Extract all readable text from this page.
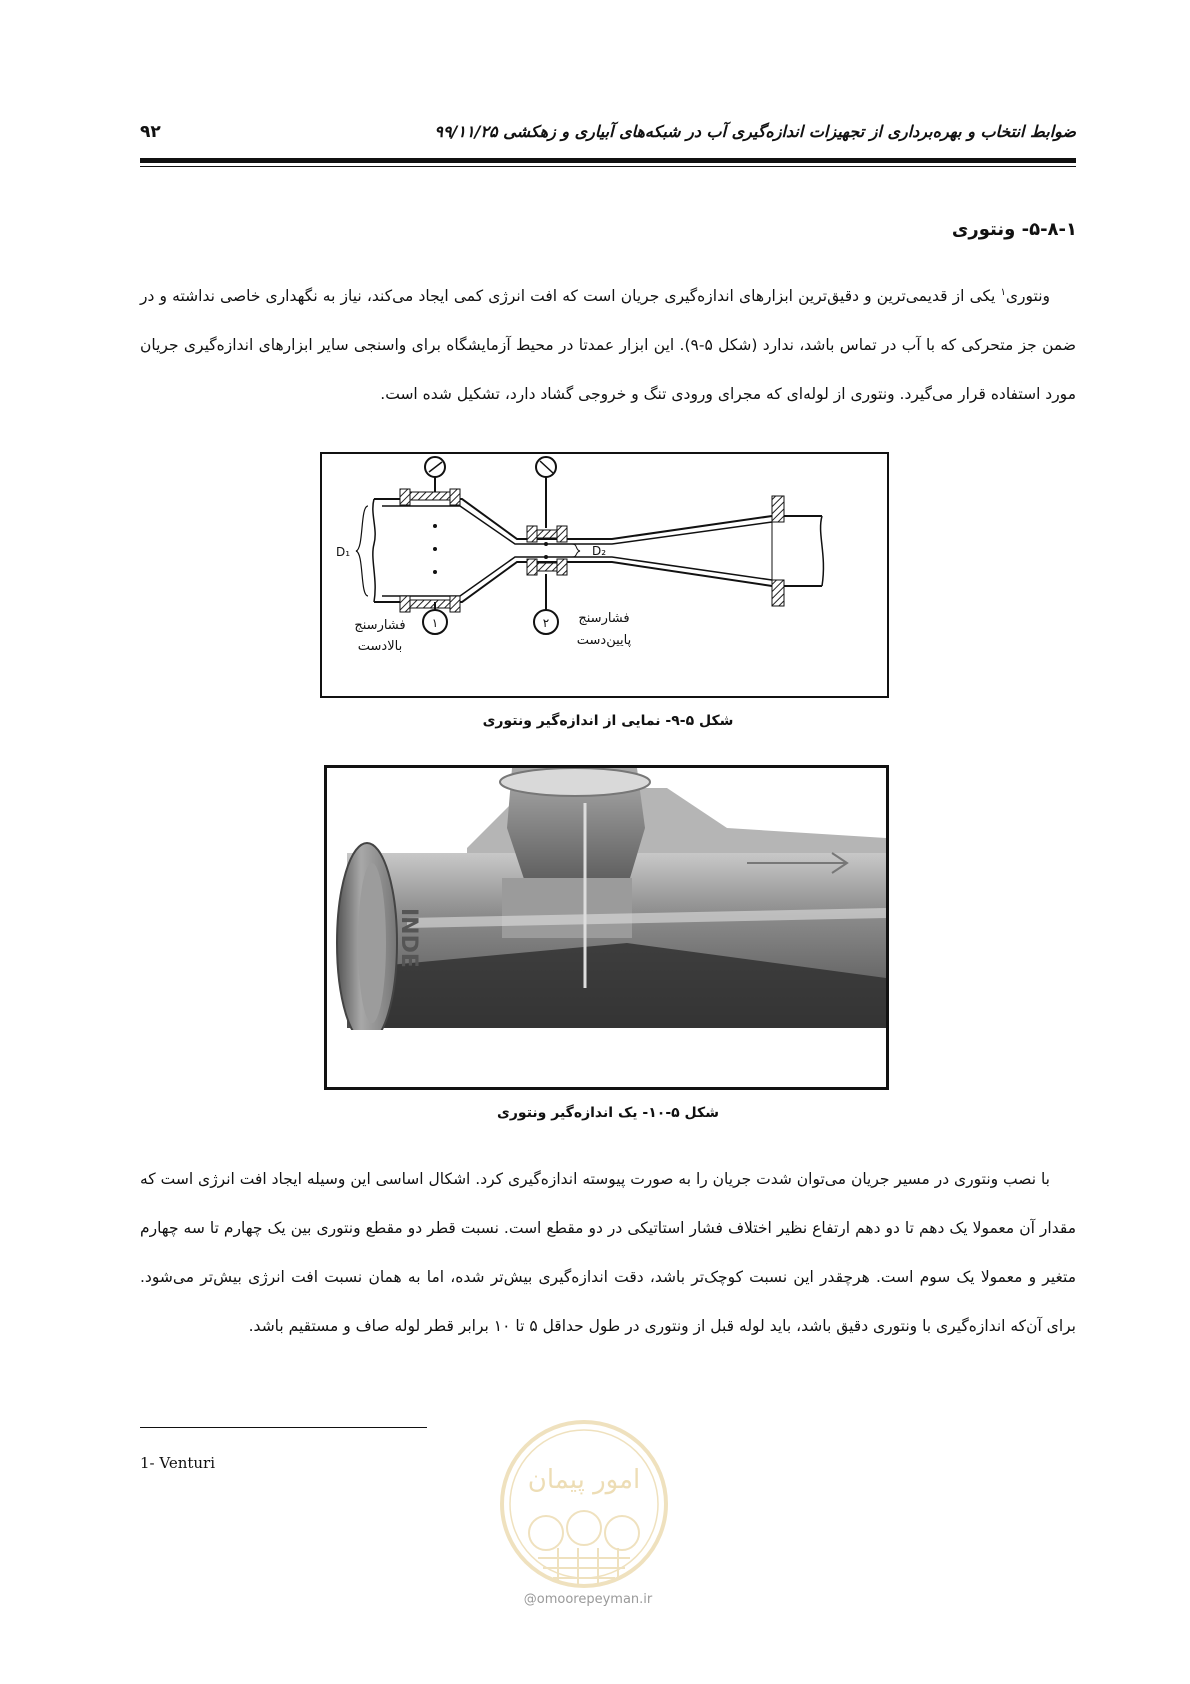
ضوابط انتخاب و بهره‌برداری از تجهیزات اندازه‌گیری آب در شبکه‌های آبیاری و زهکشی ۹۹/۱۱/۲۵
۹۲
۵-۸-۱- ونتوری
ونتوری$^۱$ یکی از قدیمی‌ترین و دقیق‌ترین ابزارهای اندازه‌گیری جریان است که افت انرژی کمی ایجاد می‌کند، نیاز به نگهداری خاصی نداشته و در ضمن جز متحرکی که با آب در تماس باشد، ندارد (شکل ۵-۹). این ابزار عمدتا در محیط آزمایشگاه برای واسنجی سایر ابزارهای اندازه‌گیری جریان مورد استفاده قرار می‌گیرد. ونتوری از لوله‌ای که مجرای ورودی تنگ و خروجی گشاد دارد، تشکیل شده است.
D₁	D₂
۱	۲
فشارسنج
بالادست
فشارسنج
پایین‌دست
شکل ۵-۹- نمایی از اندازه‌گیر ونتوری
INDE
شکل ۵-۱۰- یک اندازه‌گیر ونتوری
با نصب ونتوری در مسیر جریان می‌توان شدت جریان را به صورت پیوسته اندازه‌گیری کرد. اشکال اساسی این وسیله ایجاد افت انرژی است که مقدار آن معمولا یک دهم تا دو دهم ارتفاع نظیر اختلاف فشار استاتیکی در دو مقطع است. نسبت قطر دو مقطع ونتوری بین یک چهارم تا سه چهارم متغیر و معمولا یک سوم است. هرچقدر این نسبت کوچک‌تر باشد، دقت اندازه‌گیری بیش‌تر شده، اما به همان نسبت افت انرژی بیش‌تر می‌شود. برای آن‌که اندازه‌گیری با ونتوری دقیق باشد، باید لوله قبل از ونتوری در طول حداقل ۵ تا ۱۰ برابر قطر لوله صاف و مستقیم باشد.
1- Venturi
امور پیمان
@omoorepeyman.ir
